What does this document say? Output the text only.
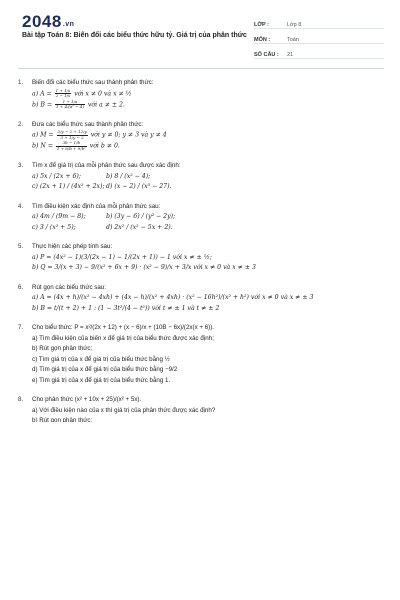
2048.vn
Bài tập Toán 8: Biến đổi các biểu thức hữu tỷ. Giá trị của phân thức
LỚP :	Lớp 8
MÔN :	Toán
SỐ CÂU :	21
1.	Biến đổi các biểu thức sau thành phân thức:
a) $A = \frac{1 + 1/x}{2 - 1/x}$ với x ≠ 0 và x ≠ ½
b) $B = \frac{1 + 1/a}{\text{1 + 4/(a² − 4)}}$ với a ≠ ± 2.
2.	Đưa các biểu thức sau thành phân thức:
a) $M = \frac{3/y - 2 + 12/y}{3 + 1/y - 2}$ với y ≠ 0; y ≠ 3 và y ≠ 4
b) $N = \frac{3b - 1/b}{\text{1 + 6/b + 9/b²}}$ với b ≠ 0.
3.	Tìm x để giá trị của mỗi phân thức sau được xác định:
a) 5x / (2x + 6);	b) 8 / (x² − 4);
c) (2x + 1) / (4x² + 2x); d) (x − 2) / (x³ − 27).
4.	Tìm điều kiện xác định của mỗi phân thức sau:
a) 4m / (9m − 8);	b) (3y − 6) / (y² − 2y);
c) 3 / (x² + 5);	d) 2x² / (x² − 5x + 2).
5.	Thực hiện các phép tính sau:
a) P = (4x² − 1)(3/(2x − 1) − 1/(2x + 1)) − 1 với x ≠ ± ½;
b) Q = 3/(x + 3) − 9/(x² + 6x + 9) · (x² − 9)/x + 3/x với x ≠ 0 và x ≠ ± 3
6.	Rút gọn các biểu thức sau:
a) A = (4x + h)/(x² − 4xh) + (4x − h)/(x² + 4xh) · (x² − 16h²)/(x² + h²) với x ≠ 0 và x ≠ ± 3
b) B = t/(t + 2) + 1 : (1 − 3t²/(4 − t²)) với t ≠ ± 1 và t ≠ ± 2
7.	Cho biểu thức: P = x²/(2x + 12) + (x − 6)/x + (10B − 6x)/(2x(x + 6)).
a) Tìm điều kiện của biến x để giá trị của biểu thức được xác định;
b) Rút gọn phân thức;
c) Tìm giá trị của x để giá trị của biểu thức bằng ½
d) Tìm giá trị của x để giá trị của biểu thức bằng −9/2
e) Tìm giá trị của x để giá trị của biểu thức bằng 1.
8.	Cho phân thức (x² + 10x + 25)/(x² + 5x).
a) Với điều kiện nào của x thì giá trị của phân thức được xác định?
b) Rút gọn phân thức;
